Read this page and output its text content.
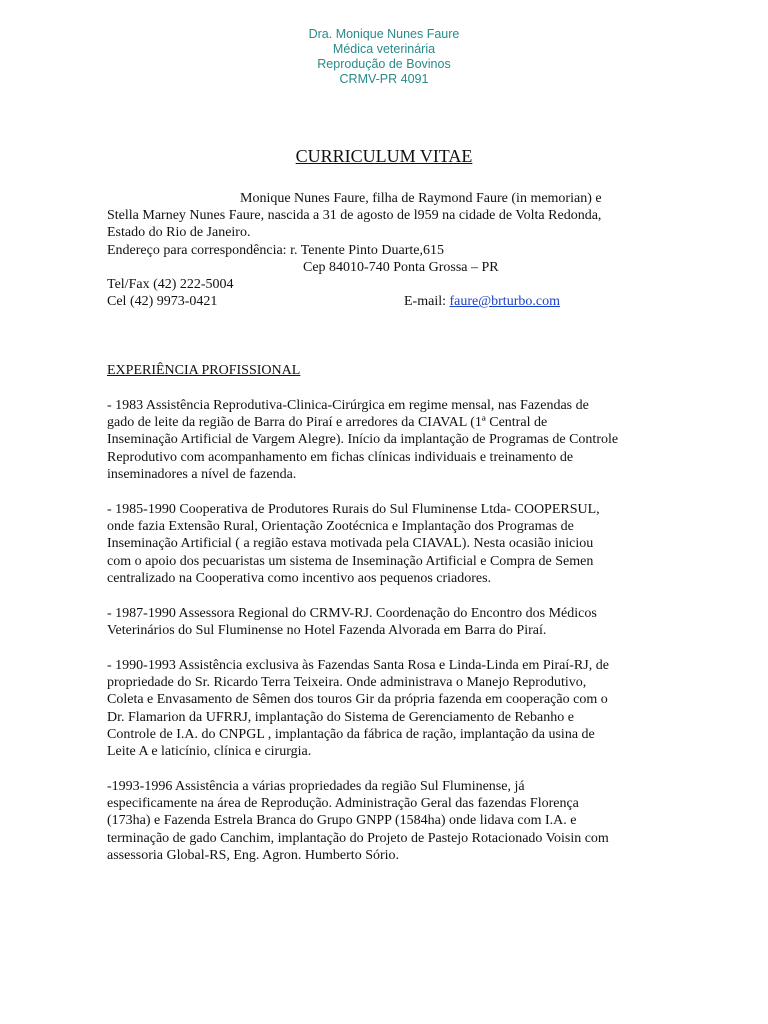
Dra. Monique Nunes Faure
Médica veterinária
Reprodução de Bovinos
CRMV-PR 4091
CURRICULUM VITAE
Monique Nunes Faure, filha de Raymond Faure (in memorian) e
Stella Marney Nunes Faure, nascida a 31 de agosto de l959 na cidade de Volta Redonda,
Estado do Rio de Janeiro.
Endereço para correspondência: r. Tenente Pinto Duarte,615
Cep 84010-740 Ponta Grossa – PR
Tel/Fax (42) 222-5004
Cel (42) 9973-0421	E-mail: faure@brturbo.com
EXPERIÊNCIA PROFISSIONAL
- 1983 Assistência Reprodutiva-Clinica-Cirúrgica em regime mensal, nas Fazendas de
gado de leite da região de Barra do Piraí e arredores da CIAVAL (1ª Central de
Inseminação Artificial de Vargem Alegre). Início da implantação de Programas de Controle
Reprodutivo com acompanhamento em fichas clínicas individuais e treinamento de
inseminadores a nível de fazenda.
- 1985-1990 Cooperativa de Produtores Rurais do Sul Fluminense Ltda- COOPERSUL,
onde fazia Extensão Rural, Orientação Zootécnica e Implantação dos Programas de
Inseminação Artificial ( a região estava motivada pela CIAVAL). Nesta ocasião iniciou
com o apoio dos pecuaristas um sistema de Inseminação Artificial e Compra de Semen
centralizado na Cooperativa como incentivo aos pequenos criadores.
- 1987-1990 Assessora Regional do CRMV-RJ. Coordenação do Encontro dos Médicos
Veterinários do Sul Fluminense no Hotel Fazenda Alvorada em Barra do Piraí.
- 1990-1993 Assistência exclusiva às Fazendas Santa Rosa e Linda-Linda em Piraí-RJ, de
propriedade do Sr. Ricardo Terra Teixeira. Onde administrava o Manejo Reprodutivo,
Coleta e Envasamento de Sêmen dos touros Gir da própria fazenda em cooperação com o
Dr. Flamarion da UFRRJ, implantação do Sistema de Gerenciamento de Rebanho e
Controle de I.A. do CNPGL , implantação da fábrica de ração, implantação da usina de
Leite A e laticínio, clínica e cirurgia.
-1993-1996 Assistência a várias propriedades da região Sul Fluminense, já
especificamente na área de Reprodução. Administração Geral das fazendas Florença
(173ha) e Fazenda Estrela Branca do Grupo GNPP (1584ha) onde lidava com I.A. e
terminação de gado Canchim, implantação do Projeto de Pastejo Rotacionado Voisin com
assessoria Global-RS, Eng. Agron. Humberto Sório.
